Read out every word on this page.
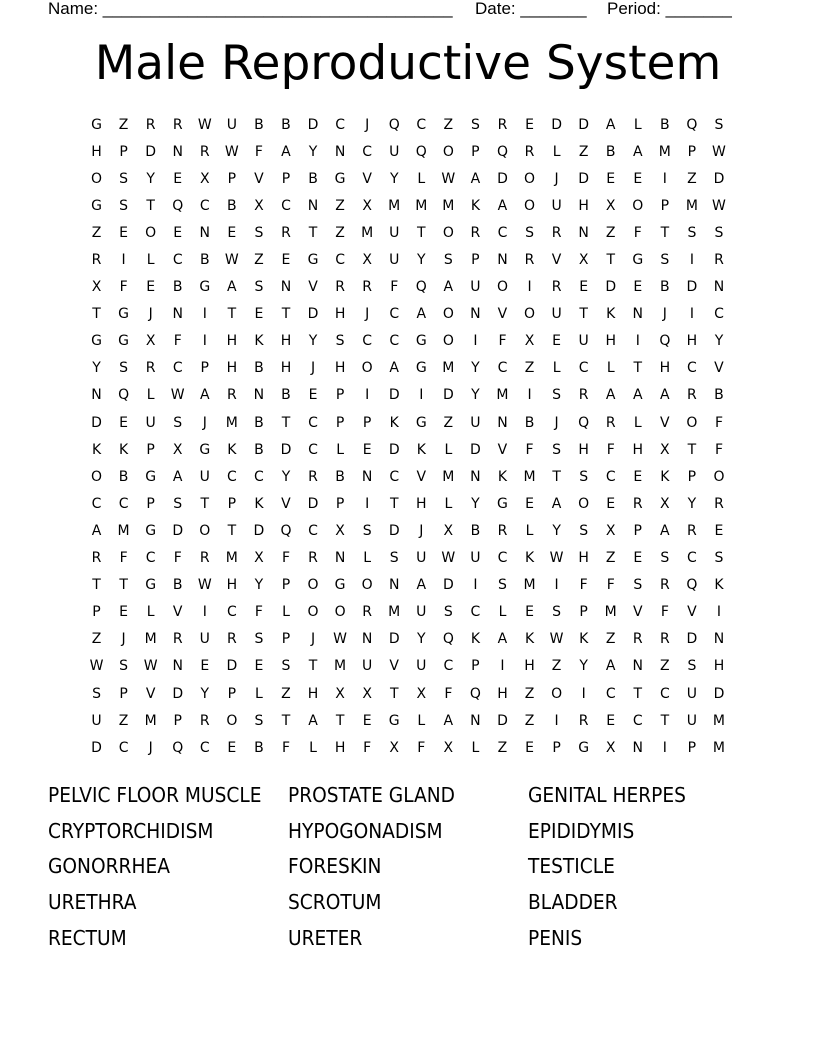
Name: _____________________________________ Date: _______ Period: _______
Male Reproductive System
G	Z	R	R	W	U	B	B	D	C	J	Q	C	Z	S	R	E	D	D	A	L	B	Q	S
H	P	D	N	R	W	F	A	Y	N	C	U	Q	O	P	Q	R	L	Z	B	A	M	P	W
O	S	Y	E	X	P	V	P	B	G	V	Y	L	W	A	D	O	J	D	E	E	I	Z	D
G	S	T	Q	C	B	X	C	N	Z	X	M	M	M	K	A	O	U	H	X	O	P	M	W
Z	E	O	E	N	E	S	R	T	Z	M	U	T	O	R	C	S	R	N	Z	F	T	S	S
R	I	L	C	B	W	Z	E	G	C	X	U	Y	S	P	N	R	V	X	T	G	S	I	R
X	F	E	B	G	A	S	N	V	R	R	F	Q	A	U	O	I	R	E	D	E	B	D	N
T	G	J	N	I	T	E	T	D	H	J	C	A	O	N	V	O	U	T	K	N	J	I	C
G	G	X	F	I	H	K	H	Y	S	C	C	G	O	I	F	X	E	U	H	I	Q	H	Y
Y	S	R	C	P	H	B	H	J	H	O	A	G	M	Y	C	Z	L	C	L	T	H	C	V
N	Q	L	W	A	R	N	B	E	P	I	D	I	D	Y	M	I	S	R	A	A	A	R	B
D	E	U	S	J	M	B	T	C	P	P	K	G	Z	U	N	B	J	Q	R	L	V	O	F
K	K	P	X	G	K	B	D	C	L	E	D	K	L	D	V	F	S	H	F	H	X	T	F
O	B	G	A	U	C	C	Y	R	B	N	C	V	M	N	K	M	T	S	C	E	K	P	O
C	C	P	S	T	P	K	V	D	P	I	T	H	L	Y	G	E	A	O	E	R	X	Y	R
A	M	G	D	O	T	D	Q	C	X	S	D	J	X	B	R	L	Y	S	X	P	A	R	E
R	F	C	F	R	M	X	F	R	N	L	S	U	W	U	C	K	W	H	Z	E	S	C	S
T	T	G	B	W	H	Y	P	O	G	O	N	A	D	I	S	M	I	F	F	S	R	Q	K
P	E	L	V	I	C	F	L	O	O	R	M	U	S	C	L	E	S	P	M	V	F	V	I
Z	J	M	R	U	R	S	P	J	W	N	D	Y	Q	K	A	K	W	K	Z	R	R	D	N
W	S	W	N	E	D	E	S	T	M	U	V	U	C	P	I	H	Z	Y	A	N	Z	S	H
S	P	V	D	Y	P	L	Z	H	X	X	T	X	F	Q	H	Z	O	I	C	T	C	U	D
U	Z	M	P	R	O	S	T	A	T	E	G	L	A	N	D	Z	I	R	E	C	T	U	M
D	C	J	Q	C	E	B	F	L	H	F	X	F	X	L	Z	E	P	G	X	N	I	P	M
PELVIC FLOOR MUSCLE	PROSTATE GLAND	GENITAL HERPES
CRYPTORCHIDISM	HYPOGONADISM	EPIDIDYMIS
GONORRHEA	FORESKIN	TESTICLE
URETHRA	SCROTUM	BLADDER
RECTUM	URETER	PENIS
